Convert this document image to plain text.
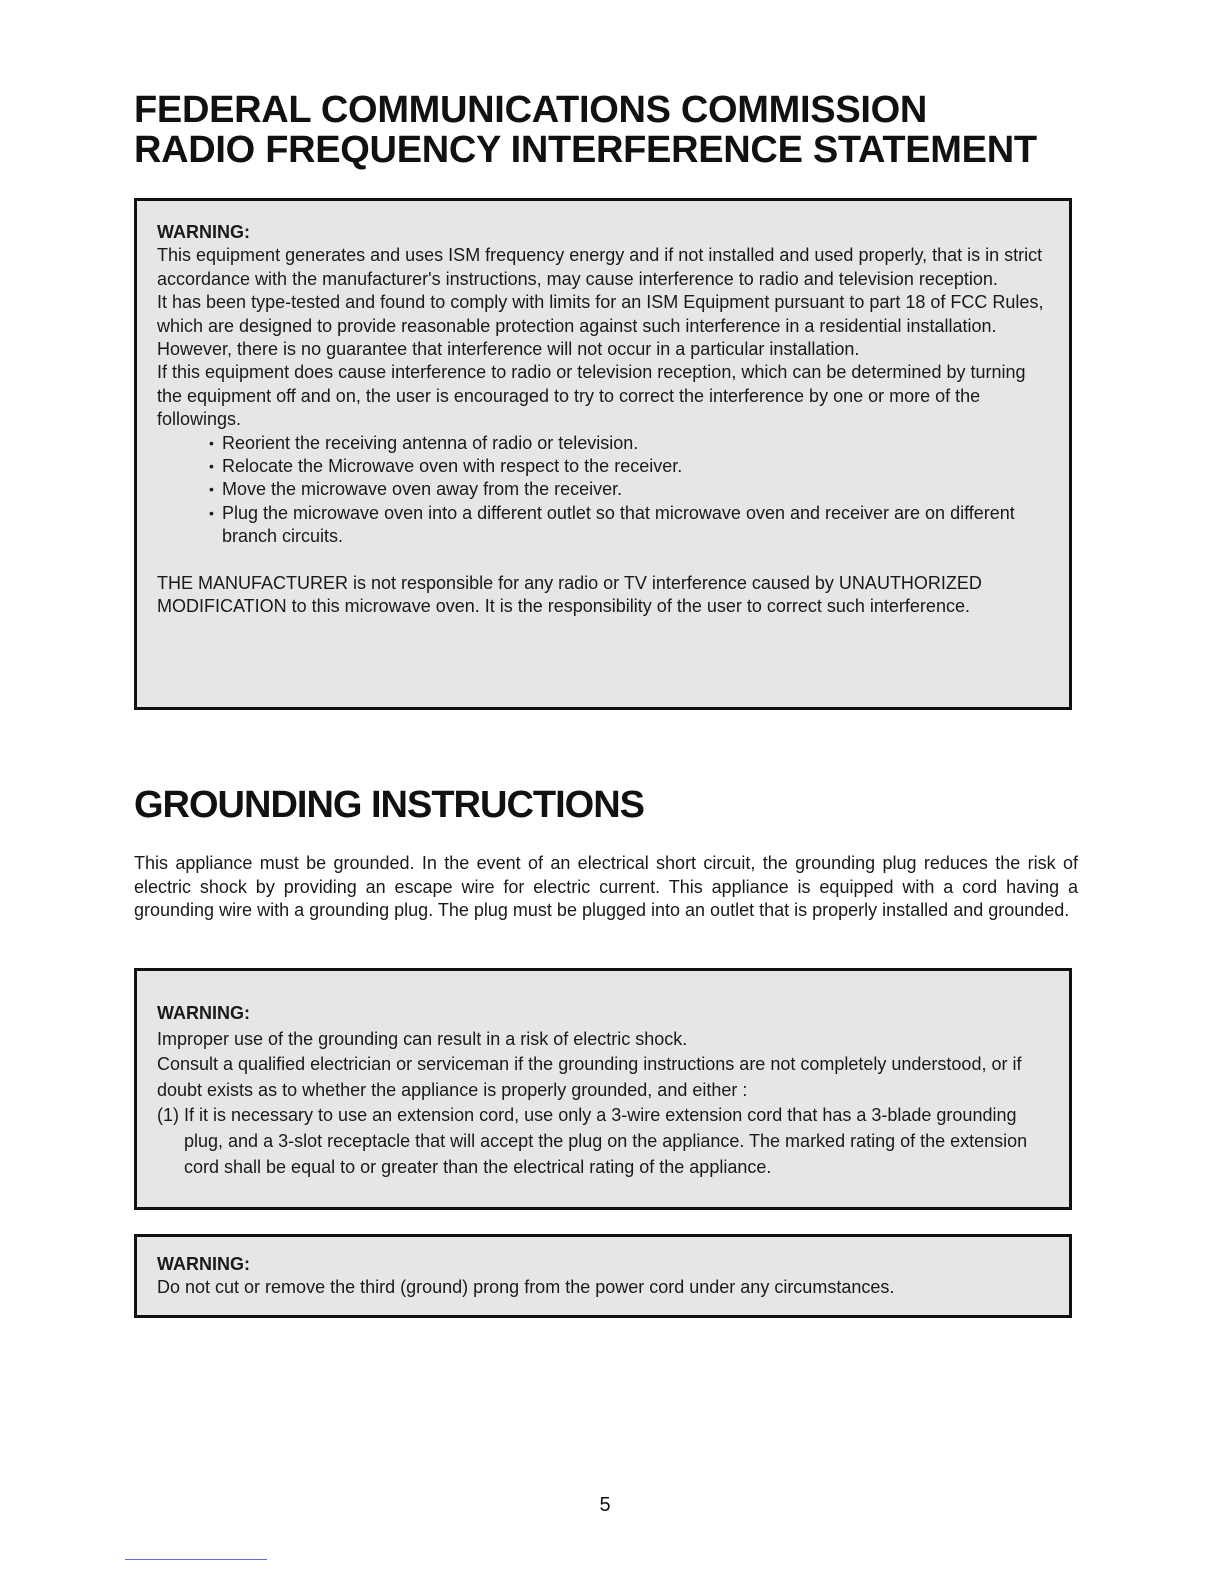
FEDERAL COMMUNICATIONS COMMISSION
RADIO FREQUENCY INTERFERENCE STATEMENT
WARNING:

This equipment generates and uses ISM frequency energy and if not installed and used properly, that is in strict accordance with the manufacturer's instructions, may cause interference to radio and television reception.

It has been type-tested and found to comply with limits for an ISM Equipment pursuant to part 18 of FCC Rules, which are designed to provide reasonable protection against such interference in a residential installation.

However, there is no guarantee that interference will not occur in a particular installation.

If this equipment does cause interference to radio or television reception, which can be determined by turning the equipment off and on, the user is encouraged to try to correct the interference by one or more of the followings.

• Reorient the receiving antenna of radio or television.
• Relocate the Microwave oven with respect to the receiver.
• Move the microwave oven away from the receiver.
• Plug the microwave oven into a different outlet so that microwave oven and receiver are on different branch circuits.

THE MANUFACTURER is not responsible for any radio or TV interference caused by UNAUTHORIZED MODIFICATION to this microwave oven. It is the responsibility of the user to correct such interference.

GROUNDING INSTRUCTIONS

This appliance must be grounded. In the event of an electrical short circuit, the grounding plug reduces the risk of electric shock by providing an escape wire for electric current. This appliance is equipped with a cord having a grounding wire with a grounding plug. The plug must be plugged into an outlet that is properly installed and grounded.

WARNING:

Improper use of the grounding can result in a risk of electric shock.

Consult a qualified electrician or serviceman if the grounding instructions are not completely understood, or if doubt exists as to whether the appliance is properly grounded, and either :

(1) If it is necessary to use an extension cord, use only a 3-wire extension cord that has a 3-blade grounding plug, and a 3-slot receptacle that will accept the plug on the appliance. The marked rating of the extension cord shall be equal to or greater than the electrical rating of the appliance.
WARNING:

Do not cut or remove the third (ground) prong from the power cord under any circumstances.

5
